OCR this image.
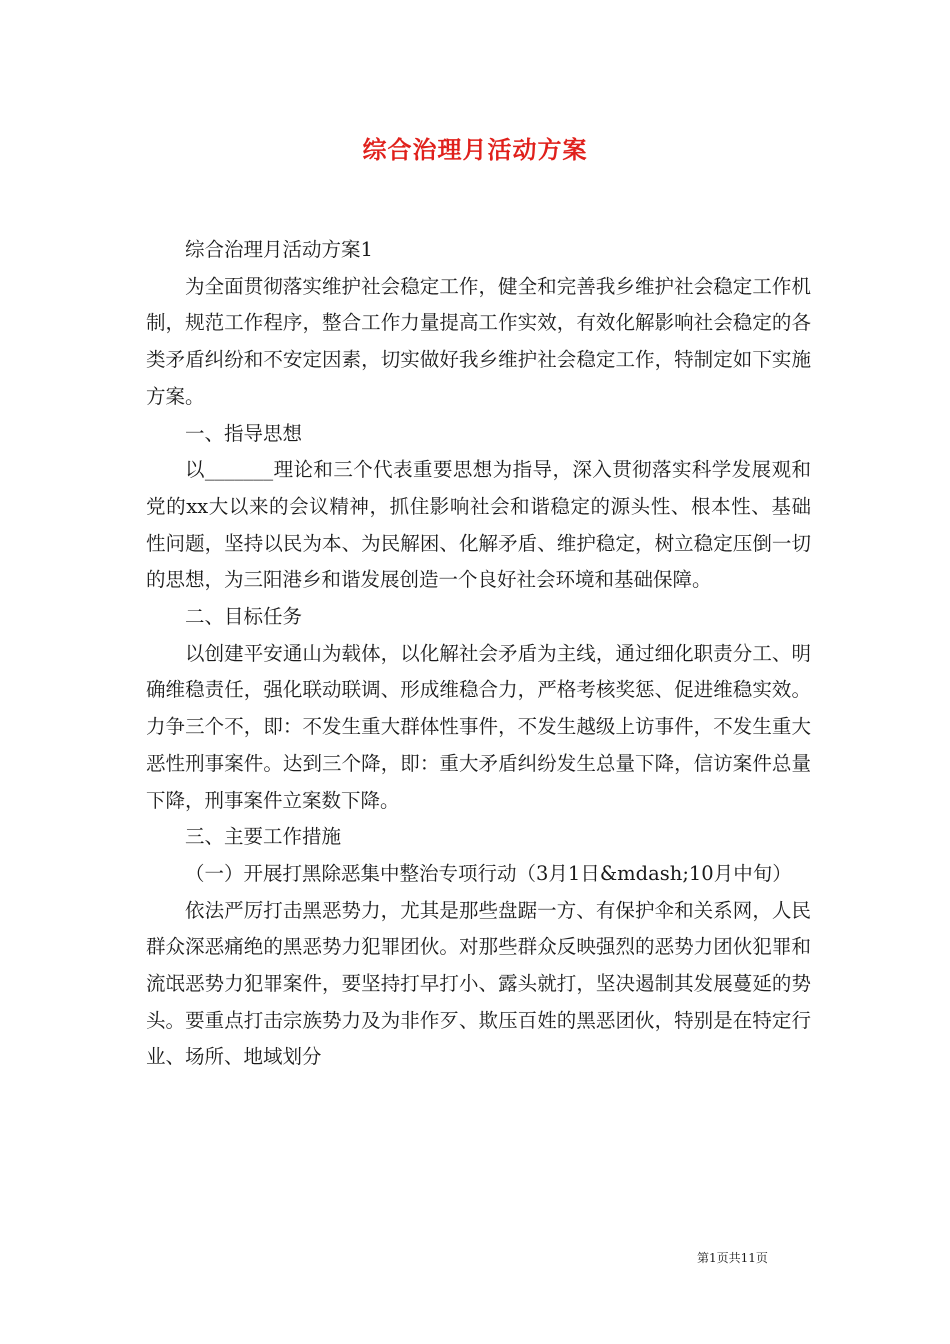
综合治理月活动方案

综合治理月活动方案1

为全面贯彻落实维护社会稳定工作，健全和完善我乡维护社会稳定工作机制，规范工作程序，整合工作力量提高工作实效，有效化解影响社会稳定的各类矛盾纠纷和不安定因素，切实做好我乡维护社会稳定工作，特制定如下实施方案。

一、指导思想

以_______理论和三个代表重要思想为指导，深入贯彻落实科学发展观和党的xx大以来的会议精神，抓住影响社会和谐稳定的源头性、根本性、基础性问题，坚持以民为本、为民解困、化解矛盾、维护稳定，树立稳定压倒一切的思想，为三阳港乡和谐发展创造一个良好社会环境和基础保障。

二、目标任务

以创建平安通山为载体，以化解社会矛盾为主线，通过细化职责分工、明确维稳责任，强化联动联调、形成维稳合力，严格考核奖惩、促进维稳实效。力争三个不，即：不发生重大群体性事件，不发生越级上访事件，不发生重大恶性刑事案件。达到三个降，即：重大矛盾纠纷发生总量下降，信访案件总量下降，刑事案件立案数下降。

三、主要工作措施

（一）开展打黑除恶集中整治专项行动（3月1日&mdash;10月中旬）

依法严厉打击黑恶势力，尤其是那些盘踞一方、有保护伞和关系网，人民群众深恶痛绝的黑恶势力犯罪团伙。对那些群众反映强烈的恶势力团伙犯罪和流氓恶势力犯罪案件，要坚持打早打小、露头就打，坚决遏制其发展蔓延的势头。要重点打击宗族势力及为非作歹、欺压百姓的黑恶团伙，特别是在特定行业、场所、地域划分

第1页共11页
